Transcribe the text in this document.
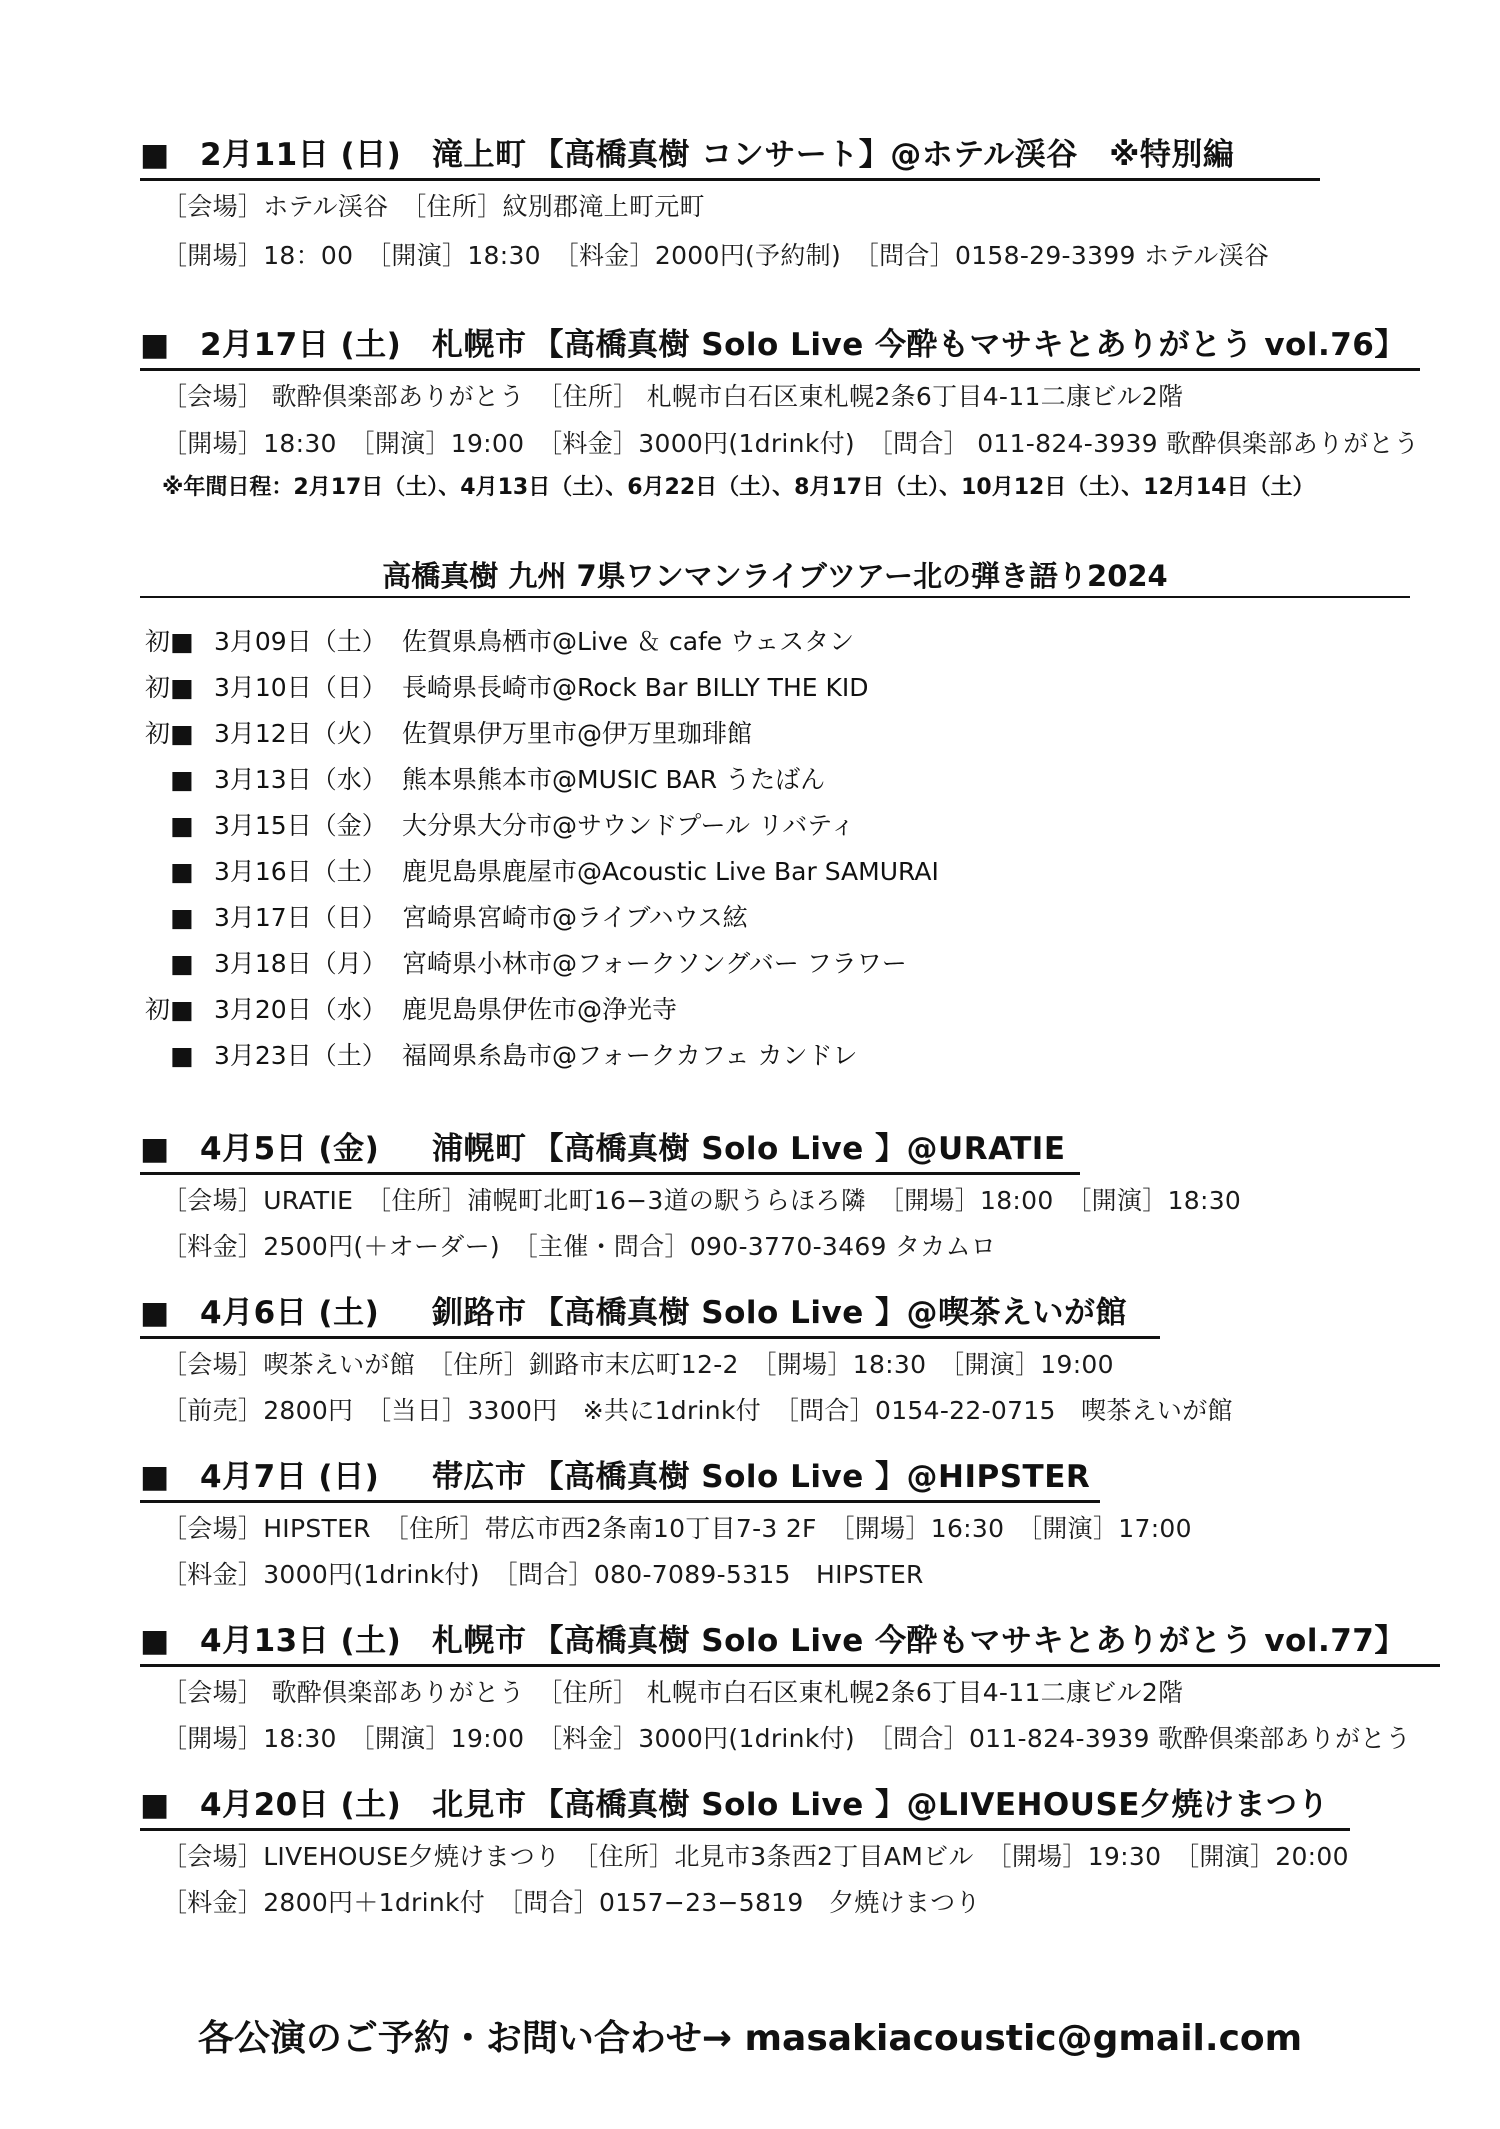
■ 2月11日 (日) 滝上町 【高橋真樹 コンサート】@ホテル渓谷　※特別編
［会場］ホテル渓谷　［住所］紋別郡滝上町元町
［開場］18：00　［開演］18:30　［料金］2000円(予約制)　［問合］0158-29-3399 ホテル渓谷
■ 2月17日 (土) 札幌市 【高橋真樹 Solo Live 今酔もマサキとありがとう vol.76】
［会場］ 歌酔倶楽部ありがとう　［住所］ 札幌市白石区東札幌2条6丁目4-11二康ビル2階
［開場］18:30　［開演］19:00　［料金］3000円(1drink付)　［問合］ 011-824-3939 歌酔倶楽部ありがとう
※年間日程：2月17日（土）、4月13日（土）、6月22日（土）、8月17日（土）、10月12日（土）、12月14日（土）
高橋真樹 九州 7県ワンマンライブツアー北の弾き語り2024
初■ 3月09日（土） 佐賀県鳥栖市@Live ＆ cafe ウェスタン
初■ 3月10日（日） 長崎県長崎市@Rock Bar BILLY THE KID
初■ 3月12日（火） 佐賀県伊万里市@伊万里珈琲館
■ 3月13日（水） 熊本県熊本市@MUSIC BAR うたばん
■ 3月15日（金） 大分県大分市@サウンドプール リバティ
■ 3月16日（土） 鹿児島県鹿屋市@Acoustic Live Bar SAMURAI
■ 3月17日（日） 宮崎県宮崎市@ライブハウス絃
■ 3月18日（月） 宮崎県小林市@フォークソングバー フラワー
初■ 3月20日（水） 鹿児島県伊佐市@浄光寺
■ 3月23日（土） 福岡県糸島市@フォークカフェ カンドレ
■ 4月5日 (金) 浦幌町 【高橋真樹 Solo Live 】@URATIE
［会場］URATIE　［住所］浦幌町北町16−3道の駅うらほろ隣　［開場］18:00　［開演］18:30
［料金］2500円(＋オーダー)　［主催・問合］090-3770-3469 タカムロ
■ 4月6日 (土) 釧路市 【高橋真樹 Solo Live 】@喫茶えいが館
［会場］喫茶えいが館　［住所］釧路市末広町12-2　［開場］18:30　［開演］19:00
［前売］2800円　［当日］3300円　※共に1drink付　［問合］0154-22-0715　喫茶えいが館
■ 4月7日 (日) 帯広市 【高橋真樹 Solo Live 】@HIPSTER
［会場］HIPSTER　［住所］帯広市西2条南10丁目7-3 2F　［開場］16:30　［開演］17:00
［料金］3000円(1drink付)　［問合］080-7089-5315　HIPSTER
■ 4月13日 (土) 札幌市 【高橋真樹 Solo Live 今酔もマサキとありがとう vol.77】
［会場］ 歌酔倶楽部ありがとう　［住所］ 札幌市白石区東札幌2条6丁目4-11二康ビル2階
［開場］18:30　［開演］19:00　［料金］3000円(1drink付)　［問合］011-824-3939 歌酔倶楽部ありがとう
■ 4月20日 (土) 北見市 【高橋真樹 Solo Live 】@LIVEHOUSE夕焼けまつり
［会場］LIVEHOUSE夕焼けまつり　［住所］北見市3条西2丁目AMビル　［開場］19:30　［開演］20:00
［料金］2800円＋1drink付　［問合］0157−23−5819　夕焼けまつり
各公演のご予約・お問い合わせ→ masakiacoustic@gmail.com
